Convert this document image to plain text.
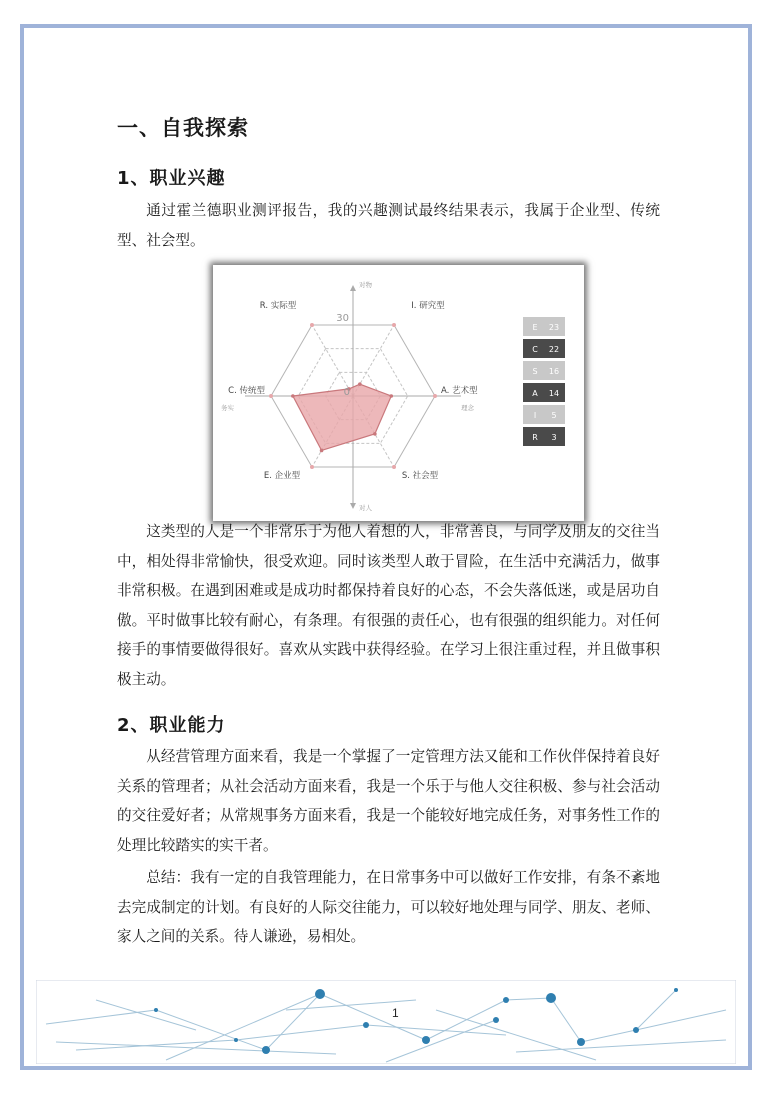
一、自我探索
1、职业兴趣

通过霍兰德职业测评报告，我的兴趣测试最终结果表示，我属于企业型、传统型、社会型。

R. 实际型	I. 研究型
A. 艺术型
S. 社会型
E. 企业型
C. 传统型
30
0
对物
对人
务实	理念
E 23
C 22
S 16
A 14
I 5
R 3

这类型的人是一个非常乐于为他人着想的人，非常善良，与同学及朋友的交往当中，相处得非常愉快，很受欢迎。同时该类型人敢于冒险，在生活中充满活力，做事非常积极。在遇到困难或是成功时都保持着良好的心态，不会失落低迷，或是居功自傲。平时做事比较有耐心，有条理。有很强的责任心，也有很强的组织能力。对任何接手的事情要做得很好。喜欢从实践中获得经验。在学习上很注重过程，并且做事积极主动。

2、职业能力

从经营管理方面来看，我是一个掌握了一定管理方法又能和工作伙伴保持着良好关系的管理者；从社会活动方面来看，我是一个乐于与他人交往积极、参与社会活动的交往爱好者；从常规事务方面来看，我是一个能较好地完成任务，对事务性工作的处理比较踏实的实干者。

总结：我有一定的自我管理能力，在日常事务中可以做好工作安排，有条不紊地去完成制定的计划。有良好的人际交往能力，可以较好地处理与同学、朋友、老师、家人之间的关系。待人谦逊，易相处。

1
